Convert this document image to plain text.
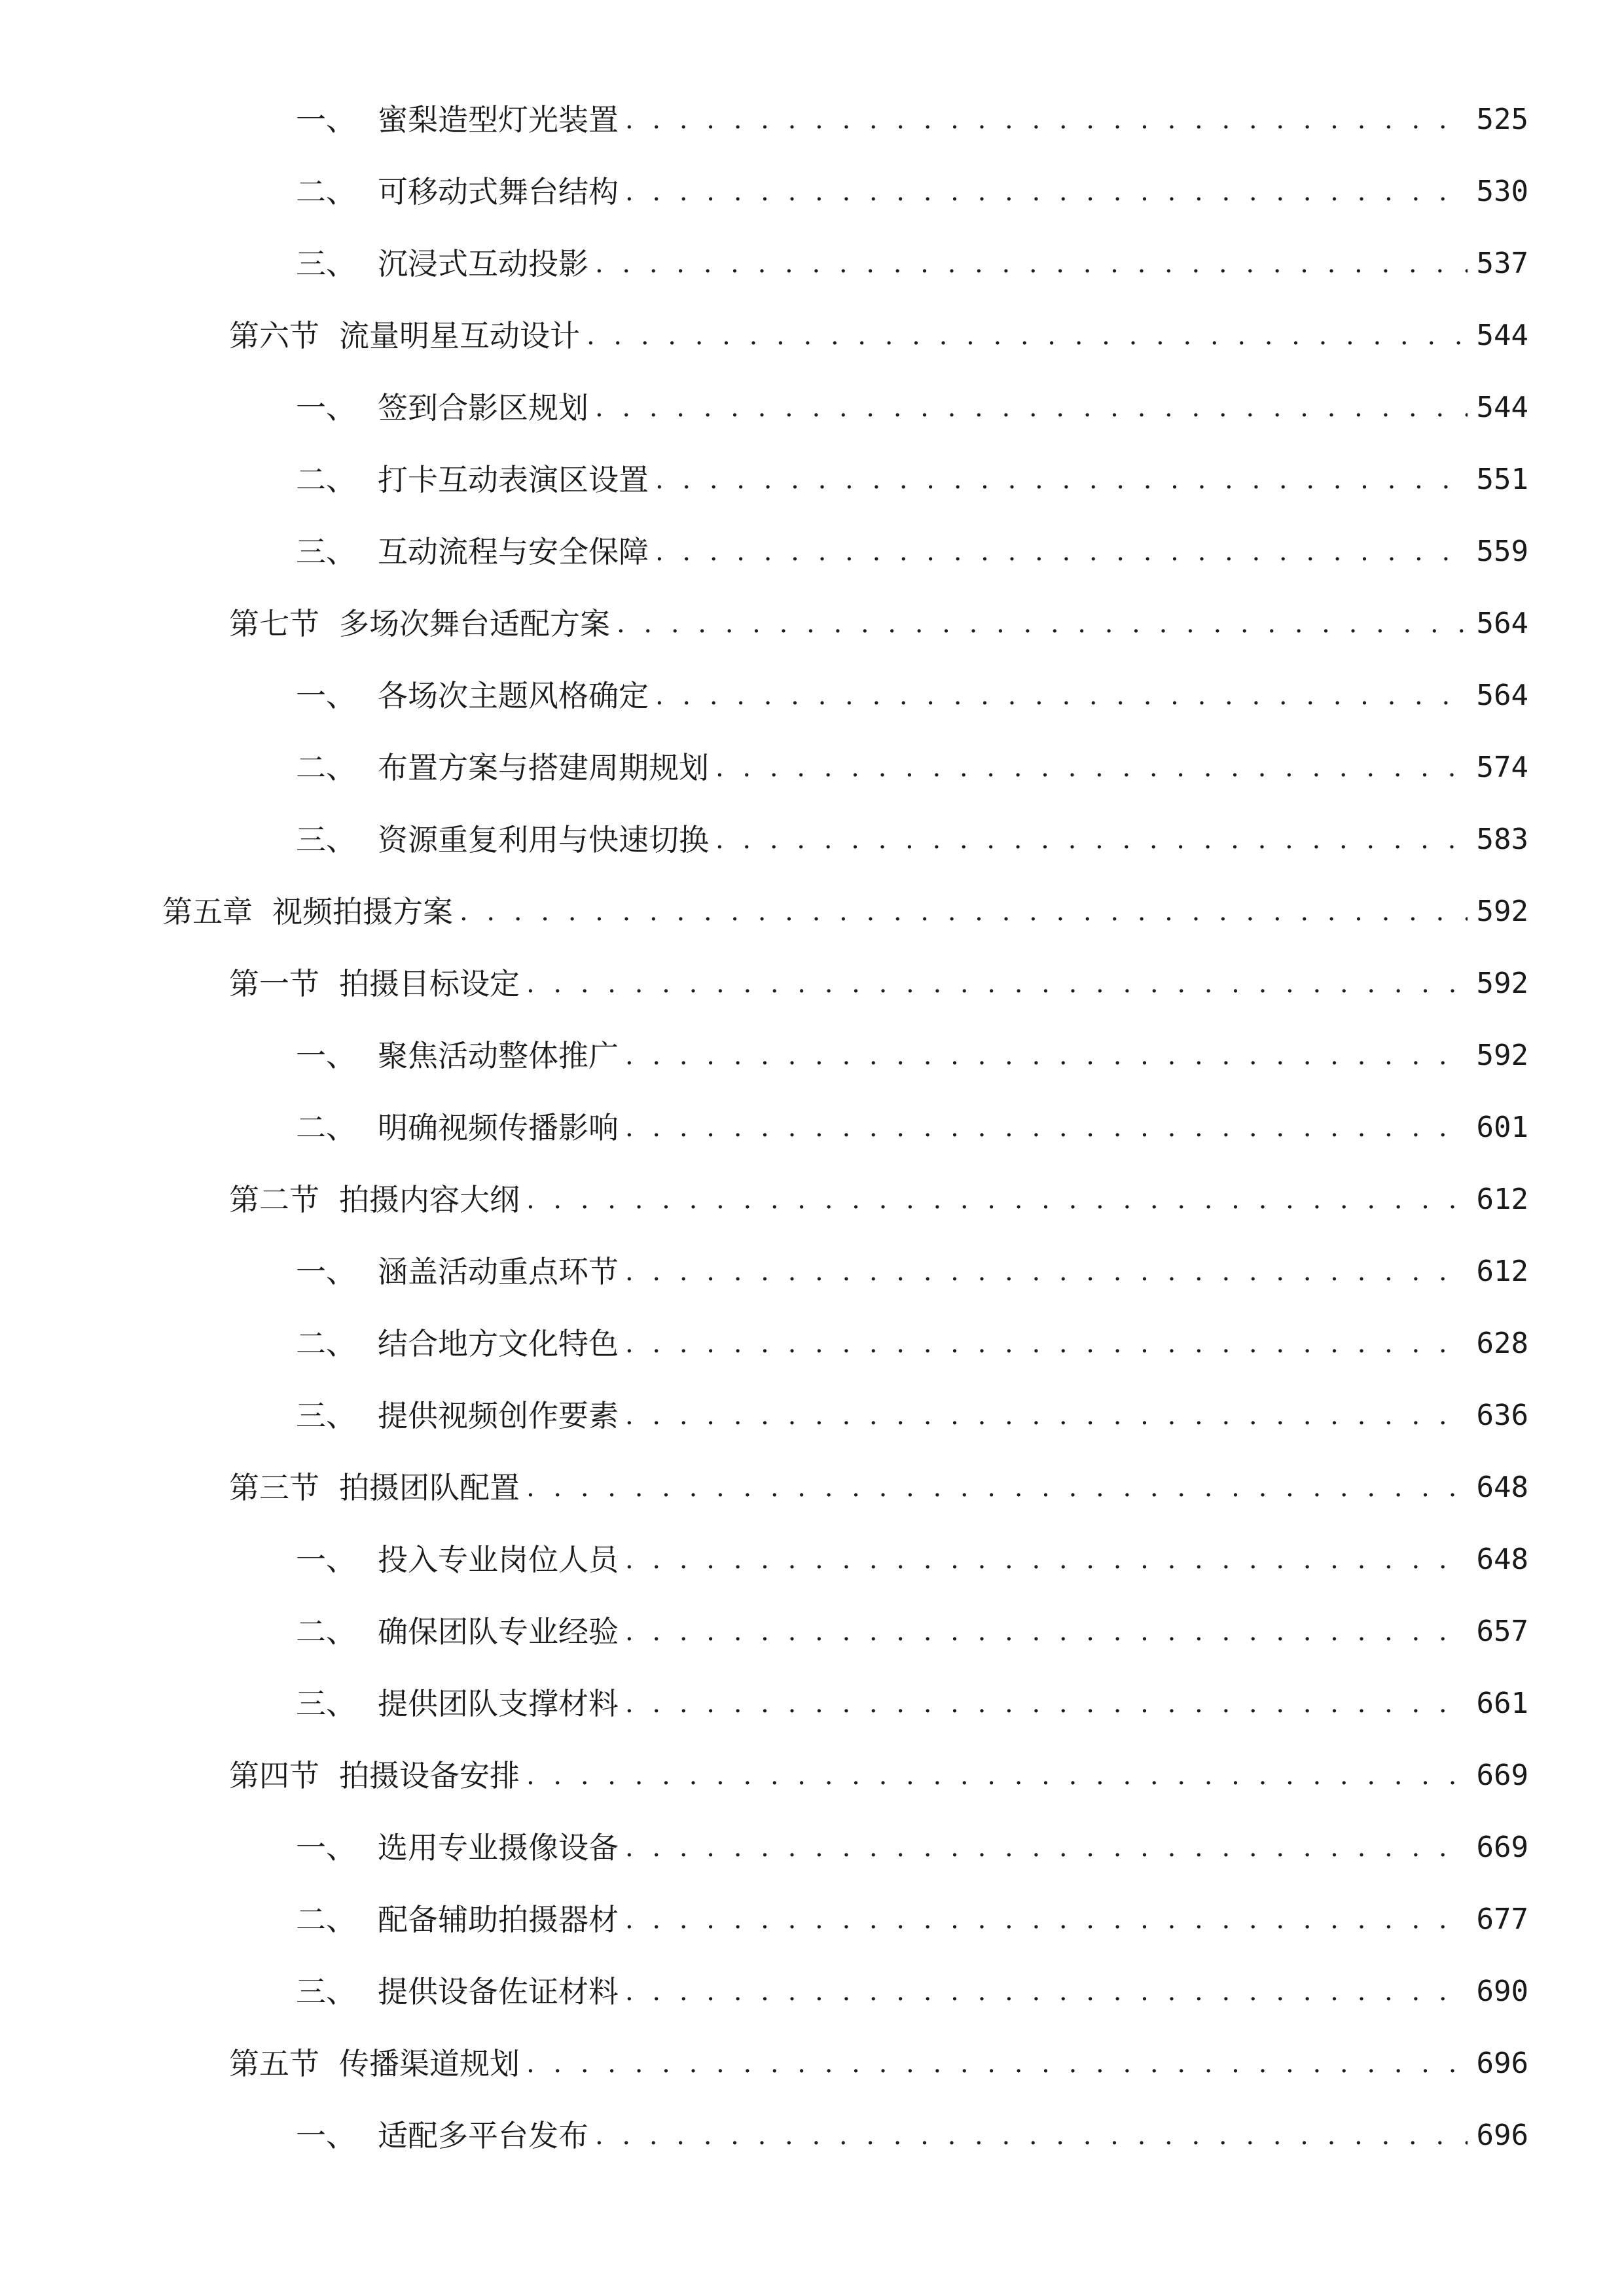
一、 蜜梨造型灯光装置 . . .	525
二、 可移动式舞台结构 . . .	530
三、 沉浸式互动投影 . . .	537
第六节 流量明星互动设计 . . .	544
一、 签到合影区规划 . . .	544
二、 打卡互动表演区设置 . . .	551
三、 互动流程与安全保障 . . .	559
第七节 多场次舞台适配方案 . . .	564
一、 各场次主题风格确定 . . .	564
二、 布置方案与搭建周期规划 . . .	574
三、 资源重复利用与快速切换 . . .	583
第五章 视频拍摄方案 . . .	592
第一节 拍摄目标设定 . . .	592
一、 聚焦活动整体推广 . . .	592
二、 明确视频传播影响 . . .	601
第二节 拍摄内容大纲 . . .	612
一、 涵盖活动重点环节 . . .	612
二、 结合地方文化特色 . . .	628
三、 提供视频创作要素 . . .	636
第三节 拍摄团队配置 . . .	648
一、 投入专业岗位人员 . . .	648
二、 确保团队专业经验 . . .	657
三、 提供团队支撑材料 . . .	661
第四节 拍摄设备安排 . . .	669
一、 选用专业摄像设备 . . .	669
二、 配备辅助拍摄器材 . . .	677
三、 提供设备佐证材料 . . .	690
第五节 传播渠道规划 . . .	696
一、 适配多平台发布 . . .	696
